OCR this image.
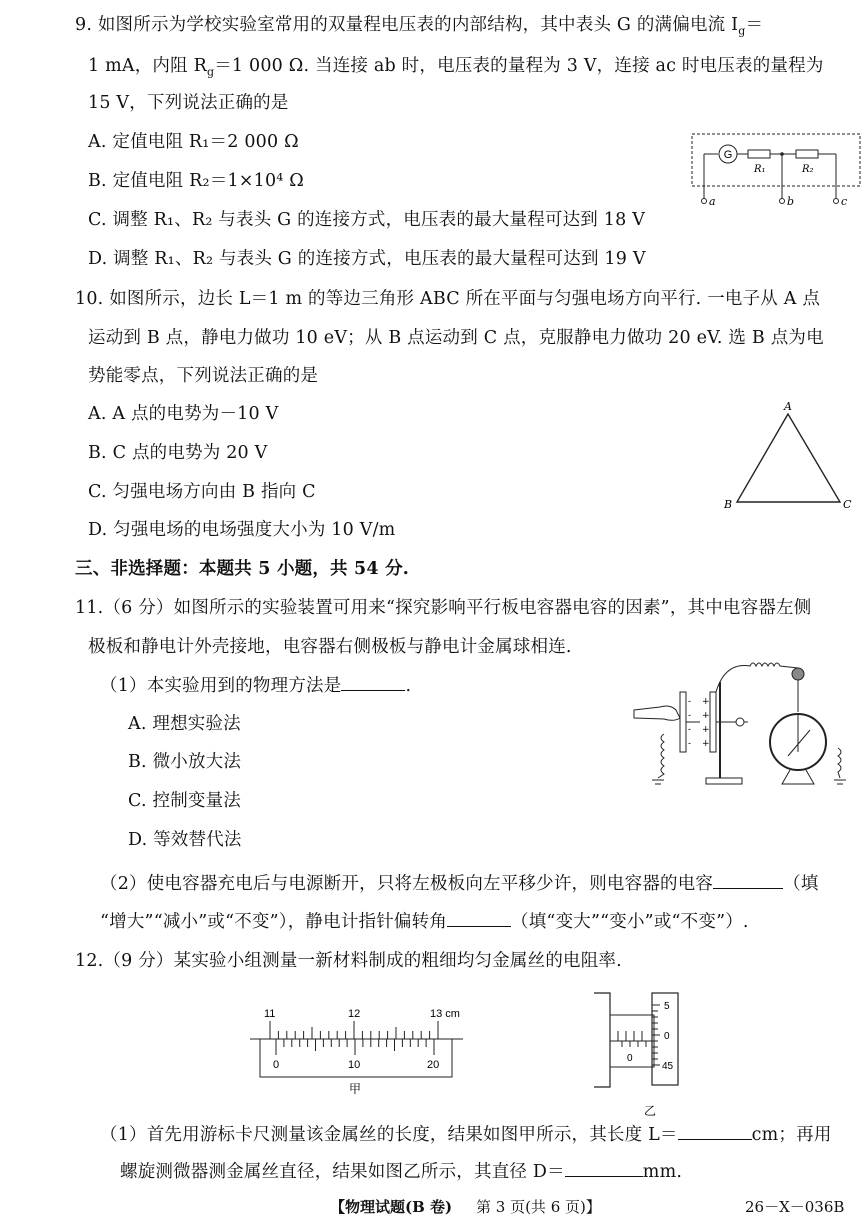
9. 如图所示为学校实验室常用的双量程电压表的内部结构，其中表头 G 的满偏电流 $I_g=$
1 mA，内阻 $R_g=1$ 000 Ω. 当连接 ab 时，电压表的量程为 3 V，连接 ac 时电压表的量程为
15 V，下列说法正确的是
A. 定值电阻 R₁＝2 000 Ω
B. 定值电阻 R₂＝1×10⁴ Ω
C. 调整 R₁、R₂ 与表头 G 的连接方式，电压表的最大量程可达到 18 V
D. 调整 R₁、R₂ 与表头 G 的连接方式，电压表的最大量程可达到 19 V
G
R₁	R₂
a	b	c
10. 如图所示，边长 L＝1 m 的等边三角形 ABC 所在平面与匀强电场方向平行. 一电子从 A 点
运动到 B 点，静电力做功 10 eV；从 B 点运动到 C 点，克服静电力做功 20 eV. 选 B 点为电
势能零点，下列说法正确的是
A. A 点的电势为－10 V
B. C 点的电势为 20 V
C. 匀强电场方向由 B 指向 C
D. 匀强电场的电场强度大小为 10 V/m
A
B	C
三、非选择题：本题共 5 小题，共 54 分.
11.（6 分）如图所示的实验装置可用来“探究影响平行板电容器电容的因素”，其中电容器左侧
极板和静电计外壳接地，电容器右侧极板与静电计金属球相连.
（1）本实验用到的物理方法是	.
A. 理想实验法
B. 微小放大法
C. 控制变量法
D. 等效替代法
（2）使电容器充电后与电源断开，只将左极板向左平移少许，则电容器的电容	（填
“增大”“减小”或“不变”），静电计指针偏转角	（填“变大”“变小”或“不变”）.
+
+
+
+
-
-
-
-
12.（9 分）某实验小组测量一新材料制成的粗细均匀金属丝的电阻率.
11	12	13 cm
0	10	20
甲
0
5
0
45
乙
（1）首先用游标卡尺测量该金属丝的长度，结果如图甲所示，其长度 L＝	cm；再用
螺旋测微器测金属丝直径，结果如图乙所示，其直径 D＝	mm.
【物理试题(B 卷) 第 3 页(共 6 页)】	26－X－036B
